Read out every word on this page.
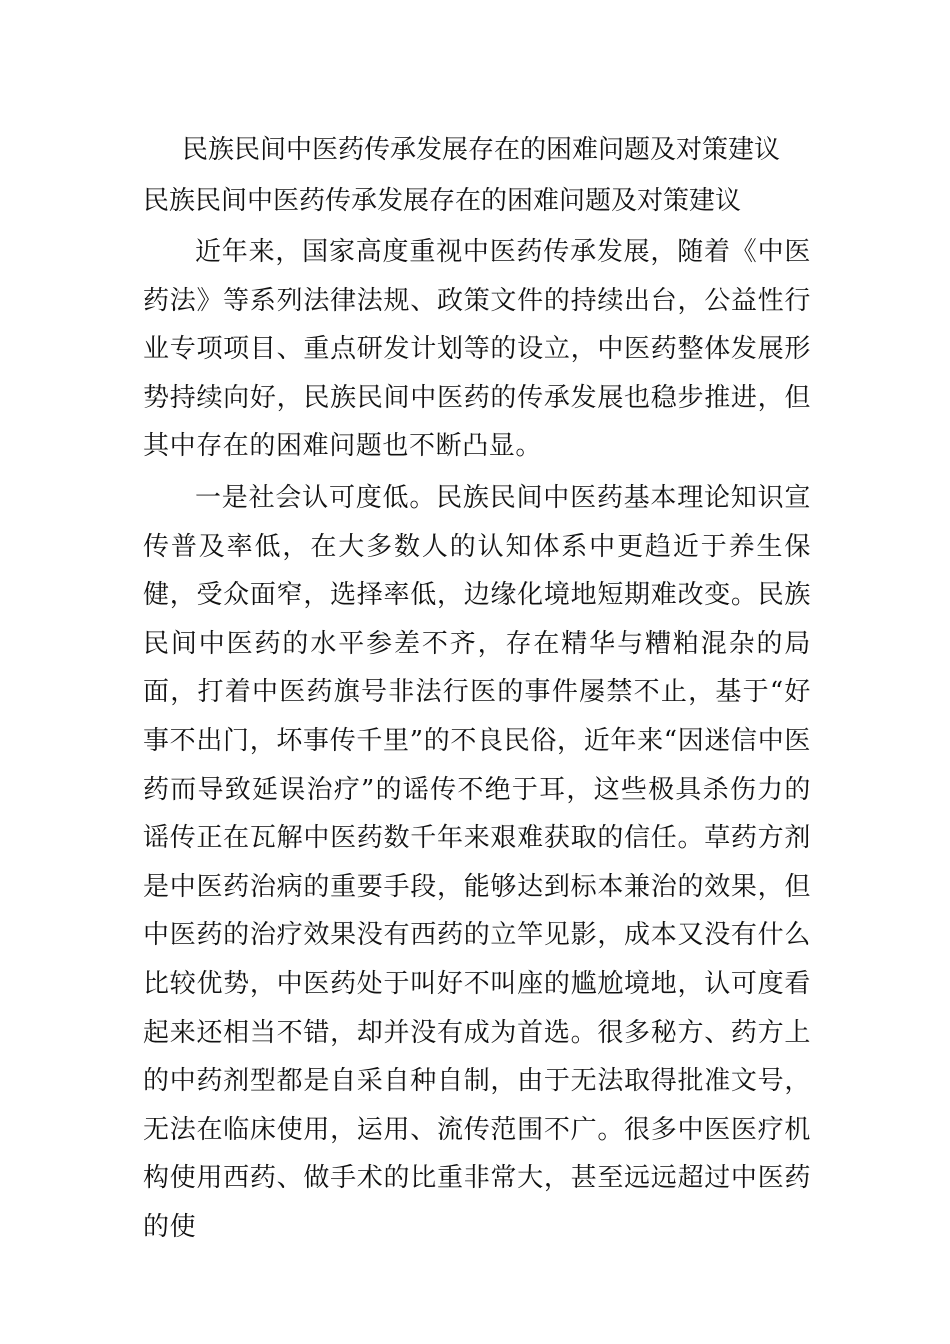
民族民间中医药传承发展存在的困难问题及对策建议
民族民间中医药传承发展存在的困难问题及对策建议

近年来，国家高度重视中医药传承发展，随着《中医药法》等系列法律法规、政策文件的持续出台，公益性行业专项项目、重点研发计划等的设立，中医药整体发展形势持续向好，民族民间中医药的传承发展也稳步推进，但其中存在的困难问题也不断凸显。

一是社会认可度低。民族民间中医药基本理论知识宣传普及率低，在大多数人的认知体系中更趋近于养生保健，受众面窄，选择率低，边缘化境地短期难改变。民族民间中医药的水平参差不齐，存在精华与糟粕混杂的局面，打着中医药旗号非法行医的事件屡禁不止，基于“好事不出门，坏事传千里”的不良民俗，近年来“因迷信中医药而导致延误治疗”的谣传不绝于耳，这些极具杀伤力的谣传正在瓦解中医药数千年来艰难获取的信任。草药方剂是中医药治病的重要手段，能够达到标本兼治的效果，但中医药的治疗效果没有西药的立竿见影，成本又没有什么比较优势，中医药处于叫好不叫座的尴尬境地，认可度看起来还相当不错，却并没有成为首选。很多秘方、药方上的中药剂型都是自采自种自制，由于无法取得批准文号，无法在临床使用，运用、流传范围不广。很多中医医疗机构使用西药、做手术的比重非常大，甚至远远超过中医药的使
